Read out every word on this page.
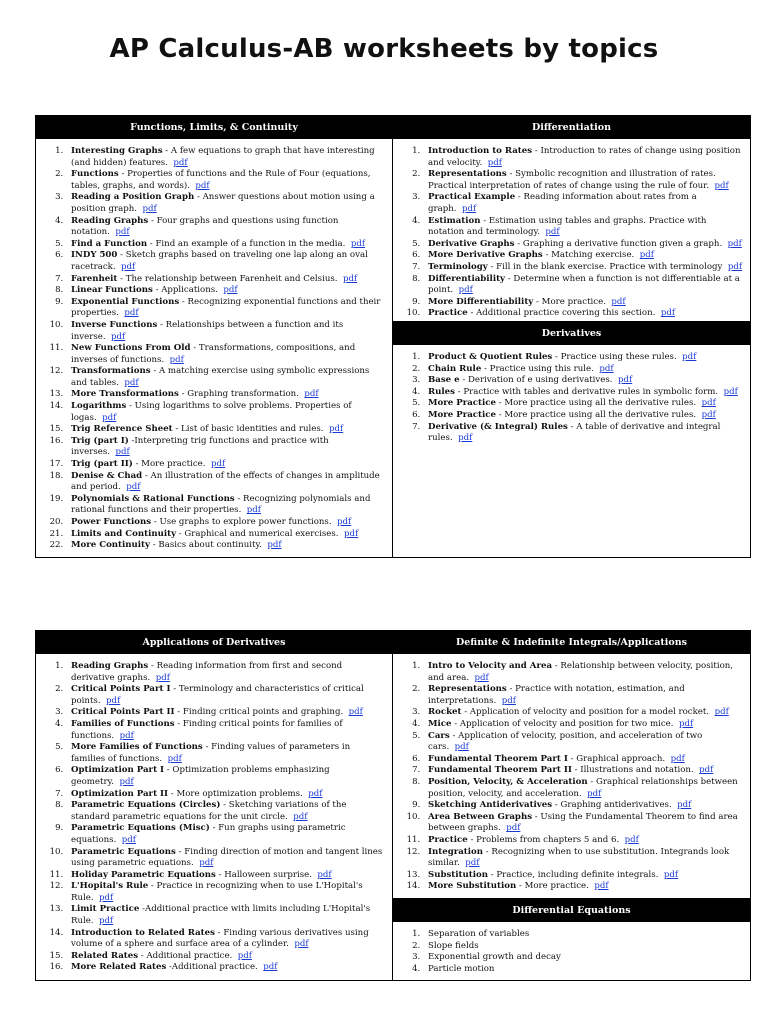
AP Calculus-AB worksheets by topics
Functions, Limits, & Continuity
1. Interesting Graphs - A few equations to graph that have interesting (and hidden) features. pdf
2. Functions - Properties of functions and the Rule of Four (equations, tables, graphs, and words). pdf
3. Reading a Position Graph - Answer questions about motion using a position graph. pdf
4. Reading Graphs - Four graphs and questions using function notation. pdf
5. Find a Function - Find an example of a function in the media. pdf
6. INDY 500 - Sketch graphs based on traveling one lap along an oval racetrack. pdf
7. Farenheit - The relationship between Farenheit and Celsius. pdf
8. Linear Functions - Applications. pdf
9. Exponential Functions - Recognizing exponential functions and their properties. pdf
10. Inverse Functions - Relationships between a function and its inverse. pdf
11. New Functions From Old - Transformations, compositions, and inverses of functions. pdf
12. Transformations - A matching exercise using symbolic expressions and tables. pdf
13. More Transformations - Graphing transformation. pdf
14. Logarithms - Using logarithms to solve problems. Properties of logas. pdf
15. Trig Reference Sheet - List of basic identities and rules. pdf
16. Trig (part I) -Interpreting trig functions and practice with inverses. pdf
17. Trig (part II) - More practice. pdf
18. Denise & Chad - An illustration of the effects of changes in amplitude and period. pdf
19. Polynomials & Rational Functions - Recognizing polynomials and rational functions and their properties. pdf
20. Power Functions - Use graphs to explore power functions. pdf
21. Limits and Continuity - Graphical and numerical exercises. pdf
22. More Continuity - Basics about continuity. pdf
Differentiation
1. Introduction to Rates - Introduction to rates of change using position and velocity. pdf
2. Representations - Symbolic recognition and illustration of rates. Practical interpretation of rates of change using the rule of four. pdf
3. Practical Example - Reading information about rates from a graph. pdf
4. Estimation - Estimation using tables and graphs. Practice with notation and terminology. pdf
5. Derivative Graphs - Graphing a derivative function given a graph. pdf
6. More Derivative Graphs - Matching exercise. pdf
7. Terminology - Fill in the blank exercise. Practice with terminology pdf
8. Differentiability - Determine when a function is not differentiable at a point. pdf
9. More Differentiability - More practice. pdf
10. Practice - Additional practice covering this section. pdf
Derivatives
1. Product & Quotient Rules - Practice using these rules. pdf
2. Chain Rule - Practice using this rule. pdf
3. Base e - Derivation of e using derivatives. pdf
4. Rules - Practice with tables and derivative rules in symbolic form. pdf
5. More Practice - More practice using all the derivative rules. pdf
6. More Practice - More practice using all the derivative rules. pdf
7. Derivative (& Integral) Rules - A table of derivative and integral rules. pdf
Applications of Derivatives
1. Reading Graphs - Reading information from first and second derivative graphs. pdf
2. Critical Points Part I - Terminology and characteristics of critical points. pdf
3. Critical Points Part II - Finding critical points and graphing. pdf
4. Families of Functions - Finding critical points for families of functions. pdf
5. More Families of Functions - Finding values of parameters in families of functions. pdf
6. Optimization Part I - Optimization problems emphasizing geometry. pdf
7. Optimization Part II - More optimization problems. pdf
8. Parametric Equations (Circles) - Sketching variations of the standard parametric equations for the unit circle. pdf
9. Parametric Equations (Misc) - Fun graphs using parametric equations. pdf
10. Parametric Equations - Finding direction of motion and tangent lines using parametric equations. pdf
11. Holiday Parametric Equations - Halloween surprise. pdf
12. L'Hopital's Rule - Practice in recognizing when to use L'Hopital's Rule. pdf
13. Limit Practice -Additional practice with limits including L'Hopital's Rule. pdf
14. Introduction to Related Rates - Finding various derivatives using volume of a sphere and surface area of a cylinder. pdf
15. Related Rates - Additional practice. pdf
16. More Related Rates -Additional practice. pdf
Definite & Indefinite Integrals/Applications
1. Intro to Velocity and Area - Relationship between velocity, position, and area. pdf
2. Representations - Practice with notation, estimation, and interpretations. pdf
3. Rocket - Application of velocity and position for a model rocket. pdf
4. Mice - Application of velocity and position for two mice. pdf
5. Cars - Application of velocity, position, and acceleration of two cars. pdf
6. Fundamental Theorem Part I - Graphical approach. pdf
7. Fundamental Theorem Part II - Illustrations and notation. pdf
8. Position, Velocity, & Acceleration - Graphical relationships between position, velocity, and acceleration. pdf
9. Sketching Antiderivatives - Graphing antiderivatives. pdf
10. Area Between Graphs - Using the Fundamental Theorem to find area between graphs. pdf
11. Practice - Problems from chapters 5 and 6. pdf
12. Integration - Recognizing when to use substitution. Integrands look similar. pdf
13. Substitution - Practice, including definite integrals. pdf
14. More Substitution - More practice. pdf
Differential Equations
1. Separation of variables
2. Slope fields
3. Exponential growth and decay
4. Particle motion
